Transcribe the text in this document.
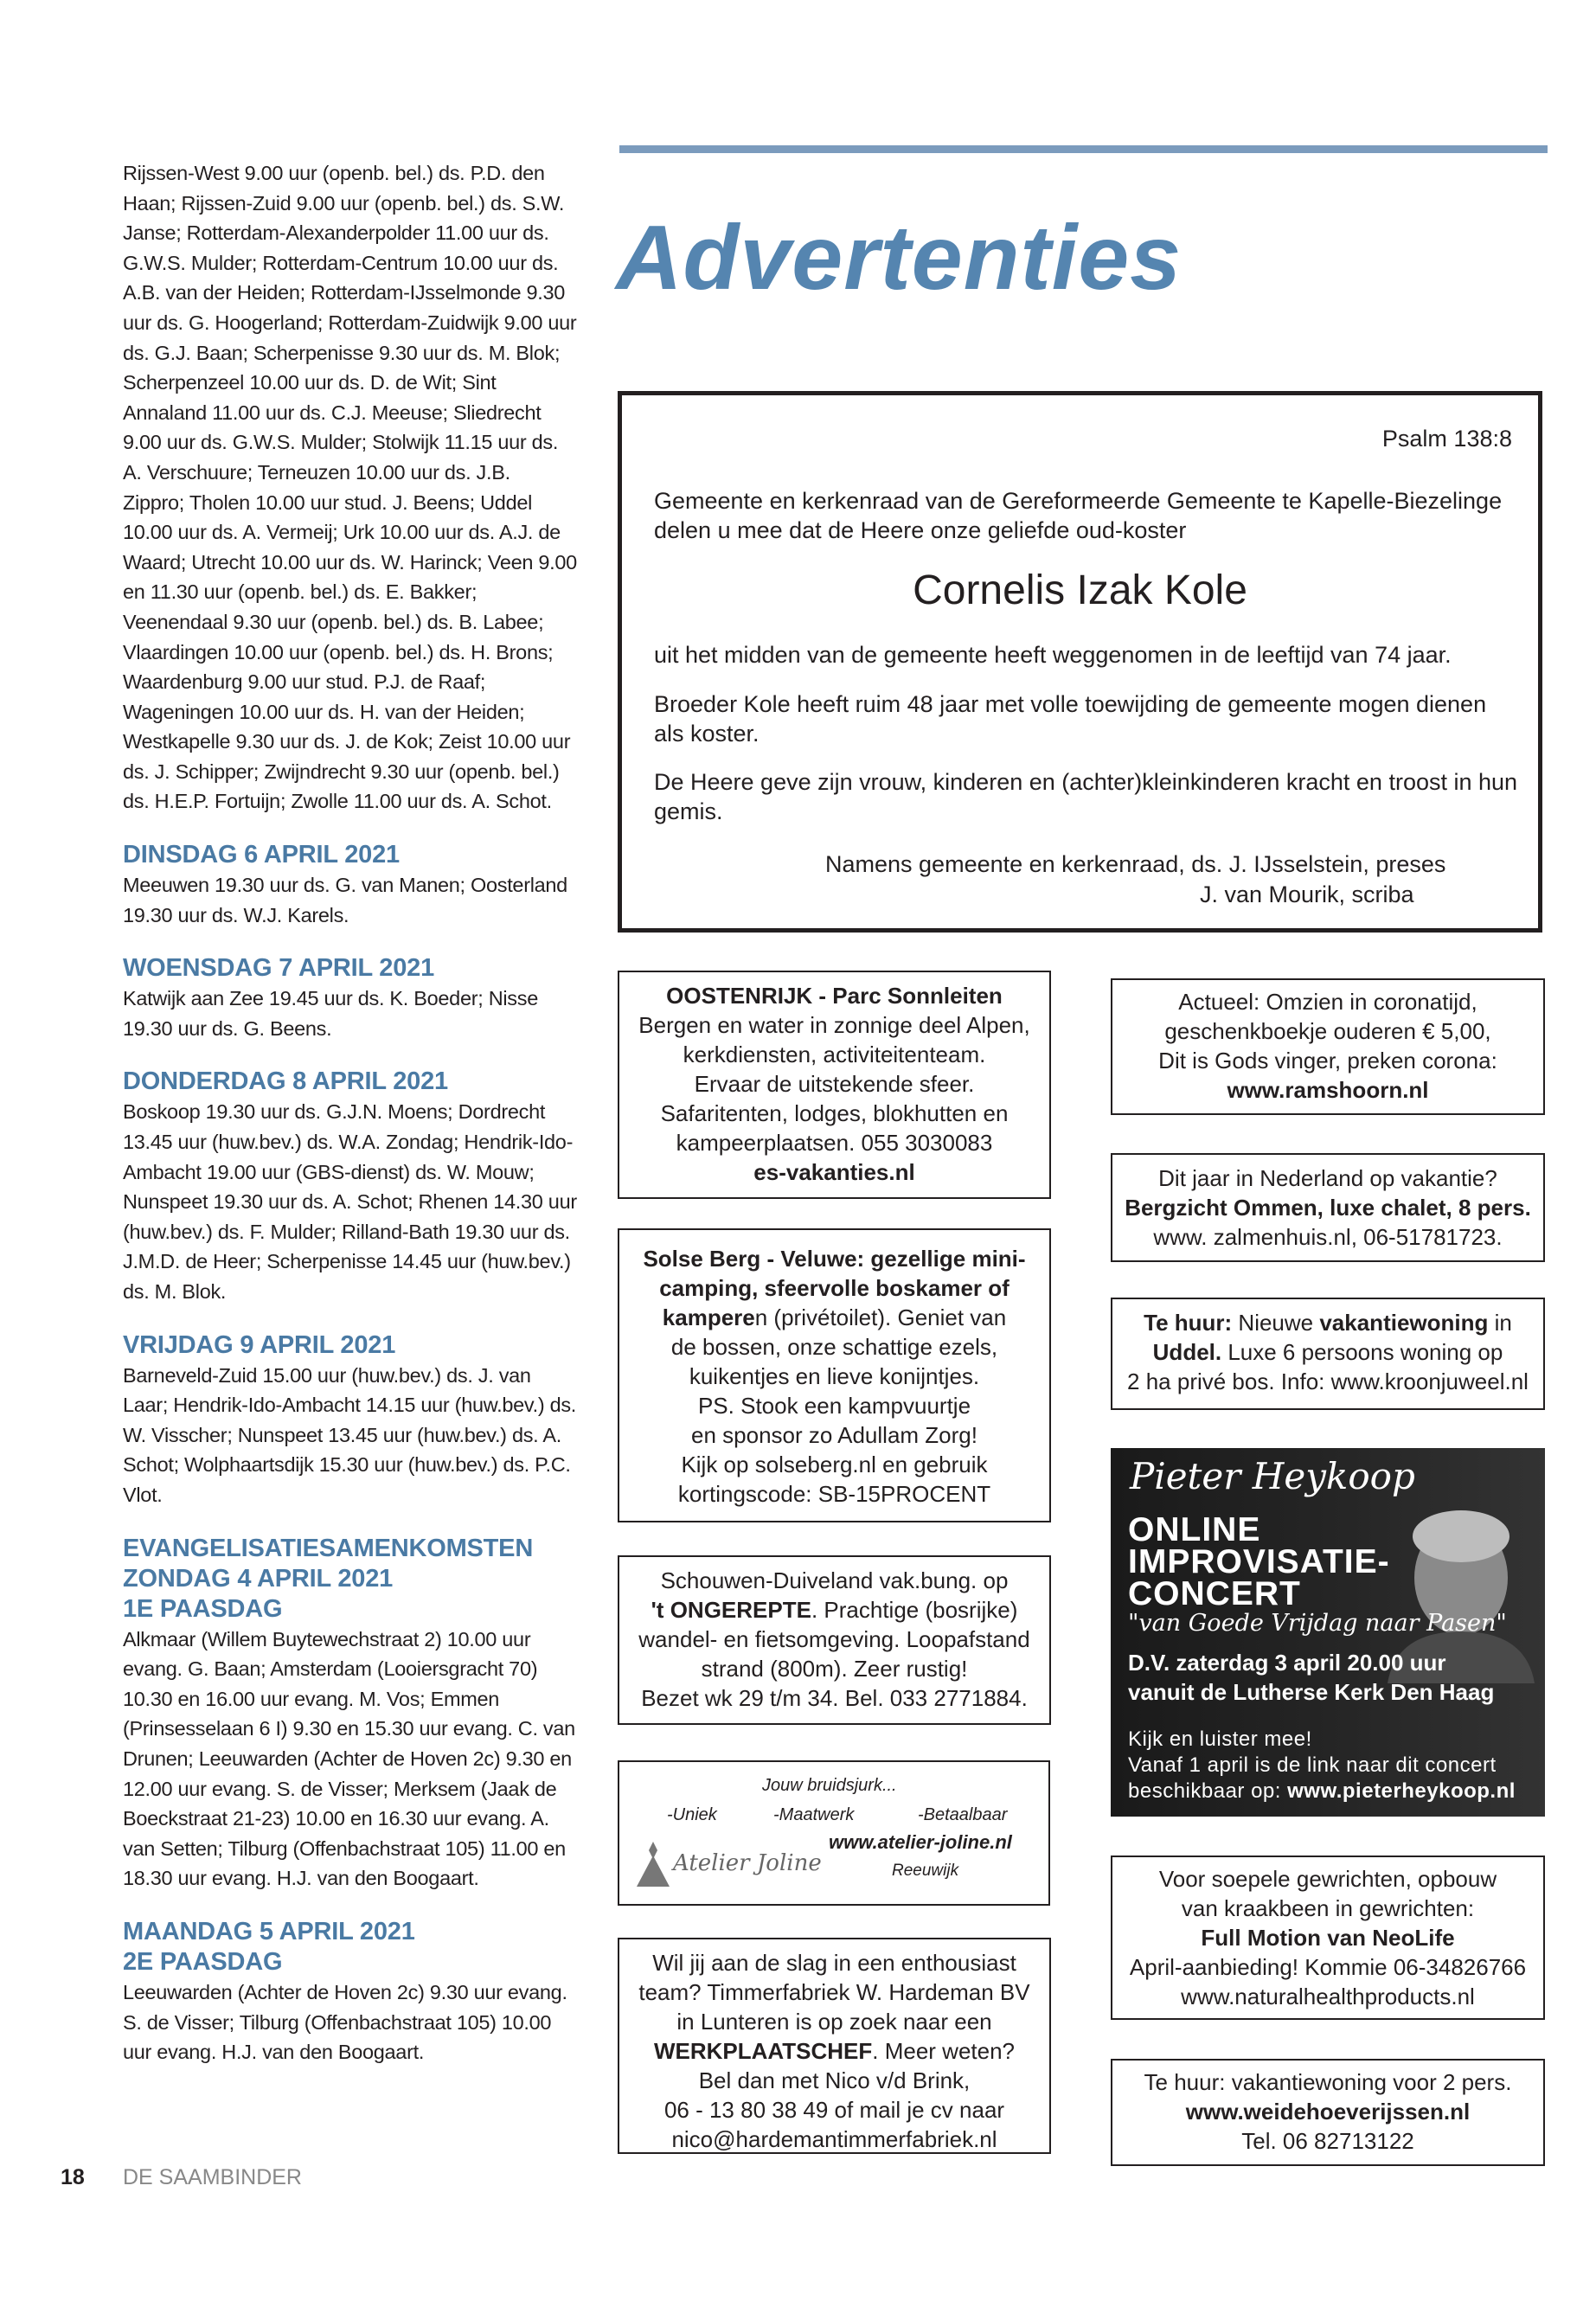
Rijssen-West 9.00 uur (openb. bel.) ds. P.D. den Haan; Rijssen-Zuid 9.00 uur (openb. bel.) ds. S.W. Janse; Rotterdam-Alexanderpolder 11.00 uur ds. G.W.S. Mulder; Rotterdam-Centrum 10.00 uur ds. A.B. van der Heiden; Rotterdam-IJsselmonde 9.30 uur ds. G. Hoogerland; Rotterdam-Zuidwijk 9.00 uur ds. G.J. Baan; Scherpenisse 9.30 uur ds. M. Blok; Scherpenzeel 10.00 uur ds. D. de Wit; Sint Annaland 11.00 uur ds. C.J. Meeuse; Sliedrecht 9.00 uur ds. G.W.S. Mulder; Stolwijk 11.15 uur ds. A. Verschuure; Terneuzen 10.00 uur ds. J.B. Zippro; Tholen 10.00 uur stud. J. Beens; Uddel 10.00 uur ds. A. Vermeij; Urk 10.00 uur ds. A.J. de Waard; Utrecht 10.00 uur ds. W. Harinck; Veen 9.00 en 11.30 uur (openb. bel.) ds. E. Bakker; Veenendaal 9.30 uur (openb. bel.) ds. B. Labee; Vlaardingen 10.00 uur (openb. bel.) ds. H. Brons; Waardenburg 9.00 uur stud. P.J. de Raaf; Wageningen 10.00 uur ds. H. van der Heiden; Westkapelle 9.30 uur ds. J. de Kok; Zeist 10.00 uur ds. J. Schipper; Zwijndrecht 9.30 uur (openb. bel.) ds. H.E.P. Fortuijn; Zwolle 11.00 uur ds. A. Schot.

DINSDAG 6 APRIL 2021

Meeuwen 19.30 uur ds. G. van Manen; Oosterland 19.30 uur ds. W.J. Karels.

WOENSDAG 7 APRIL 2021

Katwijk aan Zee 19.45 uur ds. K. Boeder; Nisse 19.30 uur ds. G. Beens.

DONDERDAG 8 APRIL 2021

Boskoop 19.30 uur ds. G.J.N. Moens; Dordrecht 13.45 uur (huw.bev.) ds. W.A. Zondag; Hendrik-Ido-Ambacht 19.00 uur (GBS-dienst) ds. W. Mouw; Nunspeet 19.30 uur ds. A. Schot; Rhenen 14.30 uur (huw.bev.) ds. F. Mulder; Rilland-Bath 19.30 uur ds. J.M.D. de Heer; Scherpenisse 14.45 uur (huw.bev.) ds. M. Blok.

VRIJDAG 9 APRIL 2021

Barneveld-Zuid 15.00 uur (huw.bev.) ds. J. van Laar; Hendrik-Ido-Ambacht 14.15 uur (huw.bev.) ds. W. Visscher; Nunspeet 13.45 uur (huw.bev.) ds. A. Schot; Wolphaartsdijk 15.30 uur (huw.bev.) ds. P.C. Vlot.

EVANGELISATIESAMENKOMSTEN
ZONDAG 4 APRIL 2021
1E PAASDAG

Alkmaar (Willem Buytewechstraat 2) 10.00 uur evang. G. Baan; Amsterdam (Looiersgracht 70) 10.30 en 16.00 uur evang. M. Vos; Emmen (Prinsesselaan 6 I) 9.30 en 15.30 uur evang. C. van Drunen; Leeuwarden (Achter de Hoven 2c) 9.30 en 12.00 uur evang. S. de Visser; Merksem (Jaak de Boeckstraat 21-23) 10.00 en 16.30 uur evang. A. van Setten; Tilburg (Offenbachstraat 105) 11.00 en 18.30 uur evang. H.J. van den Boogaart.

MAANDAG 5 APRIL 2021
2E PAASDAG

Leeuwarden (Achter de Hoven 2c) 9.30 uur evang. S. de Visser; Tilburg (Offenbachstraat 105) 10.00 uur evang. H.J. van den Boogaart.

Advertenties
Psalm 138:8
Gemeente en kerkenraad van de Gereformeerde Gemeente te Kapelle-Biezelinge delen u mee dat de Heere onze geliefde oud-koster
Cornelis Izak Kole
uit het midden van de gemeente heeft weggenomen in de leeftijd van 74 jaar.
Broeder Kole heeft ruim 48 jaar met volle toewijding de gemeente mogen dienen als koster.
De Heere geve zijn vrouw, kinderen en (achter)kleinkinderen kracht en troost in hun gemis.
Namens gemeente en kerkenraad, ds. J. IJsselstein, preses
J. van Mourik, scriba
OOSTENRIJK - Parc Sonnleiten
Bergen en water in zonnige deel Alpen,
kerkdiensten, activiteitenteam.
Ervaar de uitstekende sfeer.
Safaritenten, lodges, blokhutten en
kampeerplaatsen. 055 3030083
es-vakanties.nl
Solse Berg - Veluwe: gezellige mini-
camping, sfeervolle boskamer of
kamperen (privétoilet). Geniet van
de bossen, onze schattige ezels,
kuikentjes en lieve konijntjes.
PS. Stook een kampvuurtje
en sponsor zo Adullam Zorg!
Kijk op solseberg.nl en gebruik
kortingscode: SB-15PROCENT
Schouwen-Duiveland vak.bung. op
't ONGEREPTE. Prachtige (bosrijke)
wandel- en fietsomgeving. Loopafstand
strand (800m). Zeer rustig!
Bezet wk 29 t/m 34. Bel. 033 2771884.
Jouw bruidsjurk...
-Uniek	-Maatwerk	-Betaalbaar
www.atelier-joline.nl
Atelier Joline	Reeuwijk
Wil jij aan de slag in een enthousiast
team? Timmerfabriek W. Hardeman BV
in Lunteren is op zoek naar een
WERKPLAATSCHEF. Meer weten?
Bel dan met Nico v/d Brink,
06 - 13 80 38 49 of mail je cv naar
nico@hardemantimmerfabriek.nl
Actueel: Omzien in coronatijd,
geschenkboekje ouderen € 5,00,
Dit is Gods vinger, preken corona:
www.ramshoorn.nl
Dit jaar in Nederland op vakantie?
Bergzicht Ommen, luxe chalet, 8 pers.
www. zalmenhuis.nl, 06-51781723.
Te huur: Nieuwe vakantiewoning in
Uddel. Luxe 6 persoons woning op
2 ha privé bos. Info: www.kroonjuweel.nl
Pieter Heykoop
ONLINE
IMPROVISATIE-
CONCERT
"van Goede Vrijdag naar Pasen"
D.V. zaterdag 3 april 20.00 uur
vanuit de Lutherse Kerk Den Haag
Kijk en luister mee!
Vanaf 1 april is de link naar dit concert
beschikbaar op: www.pieterheykoop.nl
Voor soepele gewrichten, opbouw
van kraakbeen in gewrichten:
Full Motion van NeoLife
April-aanbieding! Kommie 06-34826766
www.naturalhealthproducts.nl
Te huur: vakantiewoning voor 2 pers.
www.weidehoeverijssen.nl
Tel. 06 82713122
18 DE SAAMBINDER
